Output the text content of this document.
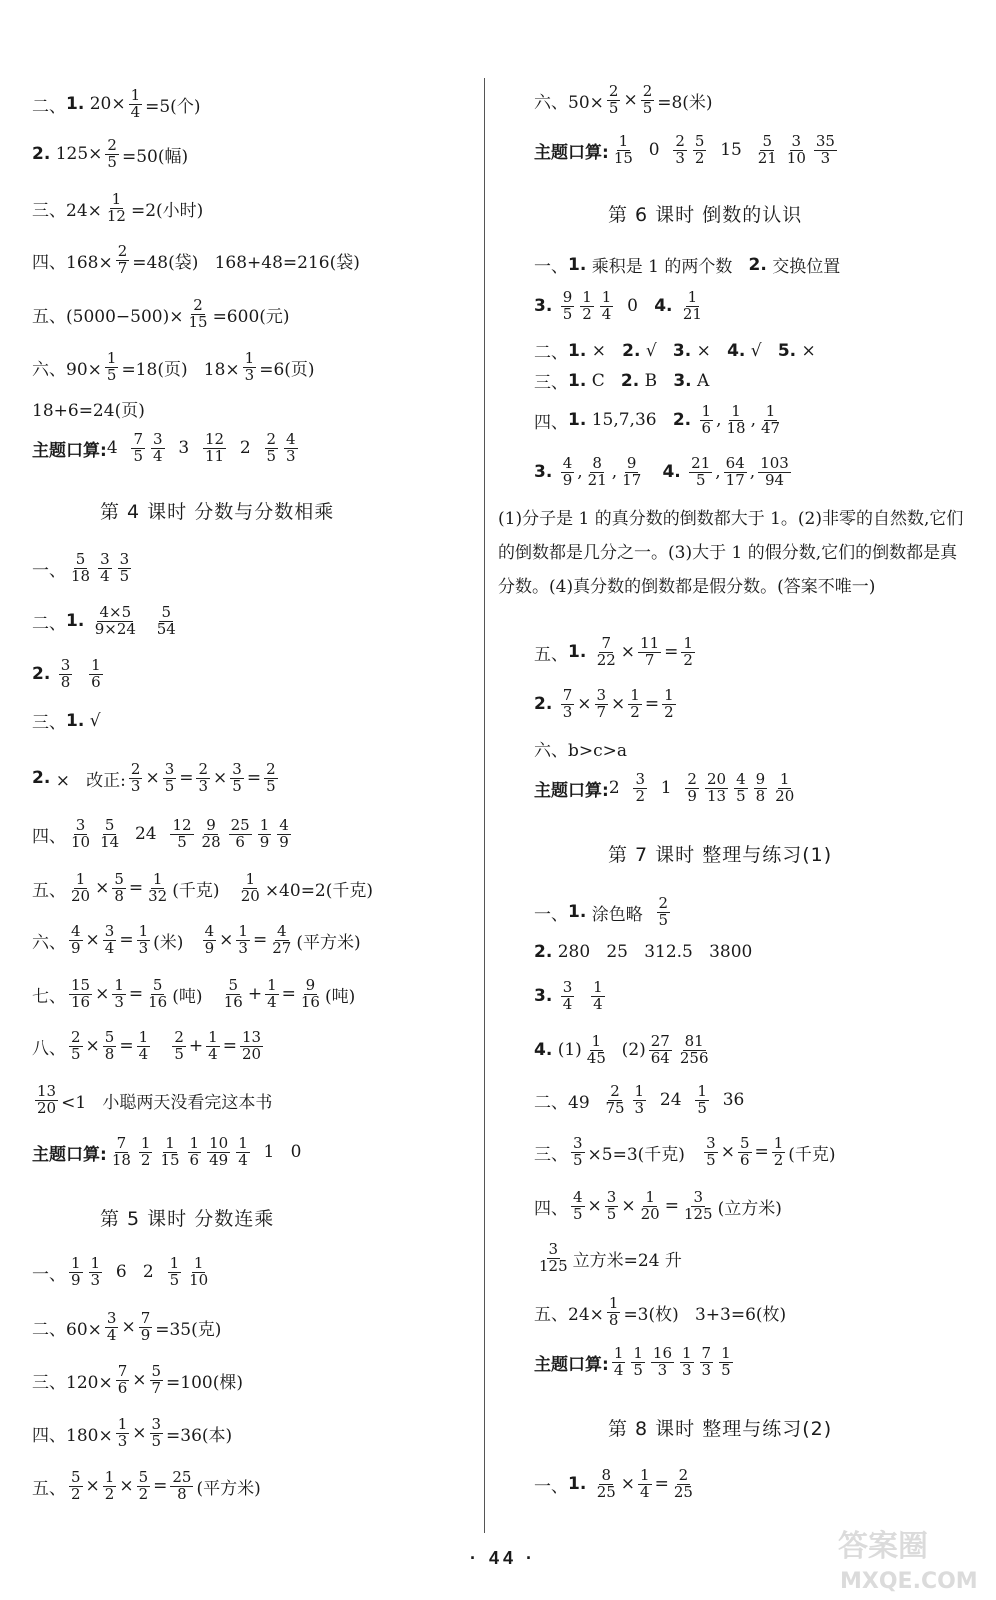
二、 1. $20\times \frac{1}{4} =5$(个)
2. $125\times \frac{2}{5} =50$(幅)
三、$24\times \frac{1}{12} =2$(小时)
四、$168\times \frac{2}{7} =48$(袋)   168+48=216(袋)
五、$(5000-500)\times \frac{2}{15} =600$(元)
六、$90\times \frac{1}{5} =18$(页)   $18\times \frac{1}{3} =6$(页)
18+6=24(页)
主题口算: $4 \frac{7}{5} \frac{3}{4} 3 \frac{12}{11} 2 \frac{2}{5} \frac{4}{3}$
一、 $\frac{5}{18} \frac{3}{4} \frac{3}{5}$
二、 1.
$\frac{4\times 5}{9\times 24}$
$\frac{5}{54}$
2.
$\frac{3}{8}$
$\frac{1}{6}$
三、 1. √
2. ×   改正: $\frac{2}{3} \times \frac{3}{5} = \frac{2}{3} \times \frac{3}{5} = \frac{2}{5}$
四、 $\frac{3}{10} \frac{5}{14} 24 \frac{12}{5} \frac{9}{28} \frac{25}{6} \frac{1}{9} \frac{4}{9}$
五、 $\frac{1}{20} \times \frac{5}{8} = \frac{1}{32}$ (千克) $\frac{1}{20} \times 40=2$(千克)
六、 $\frac{4}{9} \times \frac{3}{4} = \frac{1}{3}$ (米) $\frac{4}{9} \times \frac{1}{3} = \frac{4}{27}$ (平方米)
七、 $\frac{15}{16} \times \frac{1}{3} = \frac{5}{16}$ (吨) $\frac{5}{16} + \frac{1}{4} = \frac{9}{16}$ (吨)
八、 $\frac{2}{5} \times \frac{5}{8} = \frac{1}{4}$
$\frac{2}{5} + \frac{1}{4} = \frac{13}{20}$
$\frac{13}{20} <1$   小聪两天没看完这本书
主题口算: $\frac{7}{18} \frac{1}{2} \frac{1}{15} \frac{1}{6} \frac{10}{49} \frac{1}{4} 1$   0
一、 $\frac{1}{9} \frac{1}{3} 6$   $2 \frac{1}{5} \frac{1}{10}$
二、$60\times \frac{3}{4} \times \frac{7}{9} =35$(克)
三、$120\times \frac{7}{6} \times \frac{5}{7} =100$(棵)
四、$180\times \frac{1}{3} \times \frac{3}{5} =36$(本)
五、 $\frac{5}{2} \times \frac{1}{2} \times \frac{5}{2} = \frac{25}{8}$ (平方米)
第 4 课时 分数与分数相乘
第 5 课时 分数连乘
六、$50\times \frac{2}{5} \times \frac{2}{5} =8$(米)
主题口算: $\frac{1}{15} 0 \frac{2}{3} \frac{5}{2} 15 \frac{5}{21} \frac{3}{10} \frac{35}{3}$
一、 1. 乘积是 1 的两个数 2. 交换位置
3.
$\frac{9}{5} \frac{1}{2} \frac{1}{4} 0$ 4.
$\frac{1}{21}$
二、 1. × 2. √ 3. × 4. √ 5. ×
三、 1. C 2. B 3. A
四、 1. 15,7,36 2.
$\frac{1}{6}$ , $\frac{1}{18}$ , $\frac{1}{47}$
3.
$\frac{4}{9}$ , $\frac{8}{21}$ , $\frac{9}{17}$
4.
$\frac{21}{5}$ , $\frac{64}{17}$ , $\frac{103}{94}$
五、 1.
$\frac{7}{22} \times \frac{11}{7} = \frac{1}{2}$
2.
$\frac{7}{3} \times \frac{3}{7} \times \frac{1}{2} = \frac{1}{2}$
六、b>c>a
主题口算: $2 \frac{3}{2} 1 \frac{2}{9} \frac{20}{13} \frac{4}{5} \frac{9}{8} \frac{1}{20}$
一、 1. 涂色略 $\frac{2}{5}$
2. 280   25   312.5   3800
3.
$\frac{3}{4}$
$\frac{1}{4}$
4. $(1) \frac{1}{45} (2) \frac{27}{64} \frac{81}{256}$
二、$49 \frac{2}{75} \frac{1}{3} 24 \frac{1}{5} 36$
三、 $\frac{3}{5} \times 5=3$(千克) $\frac{3}{5} \times \frac{5}{6} = \frac{1}{2}$ (千克)
四、 $\frac{4}{5} \times \frac{3}{5} \times \frac{1}{20} = \frac{3}{125}$ (立方米)
$\frac{3}{125}$ 立方米=24 升
五、$24\times \frac{1}{8} =3$(枚)   3+3=6(枚)
主题口算: $\frac{1}{4} \frac{1}{5} \frac{16}{3} \frac{1}{3} \frac{7}{3} \frac{1}{5}$
一、 1.
$\frac{8}{25} \times \frac{1}{4} = \frac{2}{25}$
第 6 课时 倒数的认识
第 7 课时 整理与练习(1)
第 8 课时 整理与练习(2)
(1)分子是 1 的真分数的倒数都大于 1。(2)非零的自然数,它们的倒数都是几分之一。(3)大于 1 的假分数,它们的倒数都是真分数。(4)真分数的倒数都是假分数。(答案不唯一)
· 44 ·	答案圈
MXQE.COM
